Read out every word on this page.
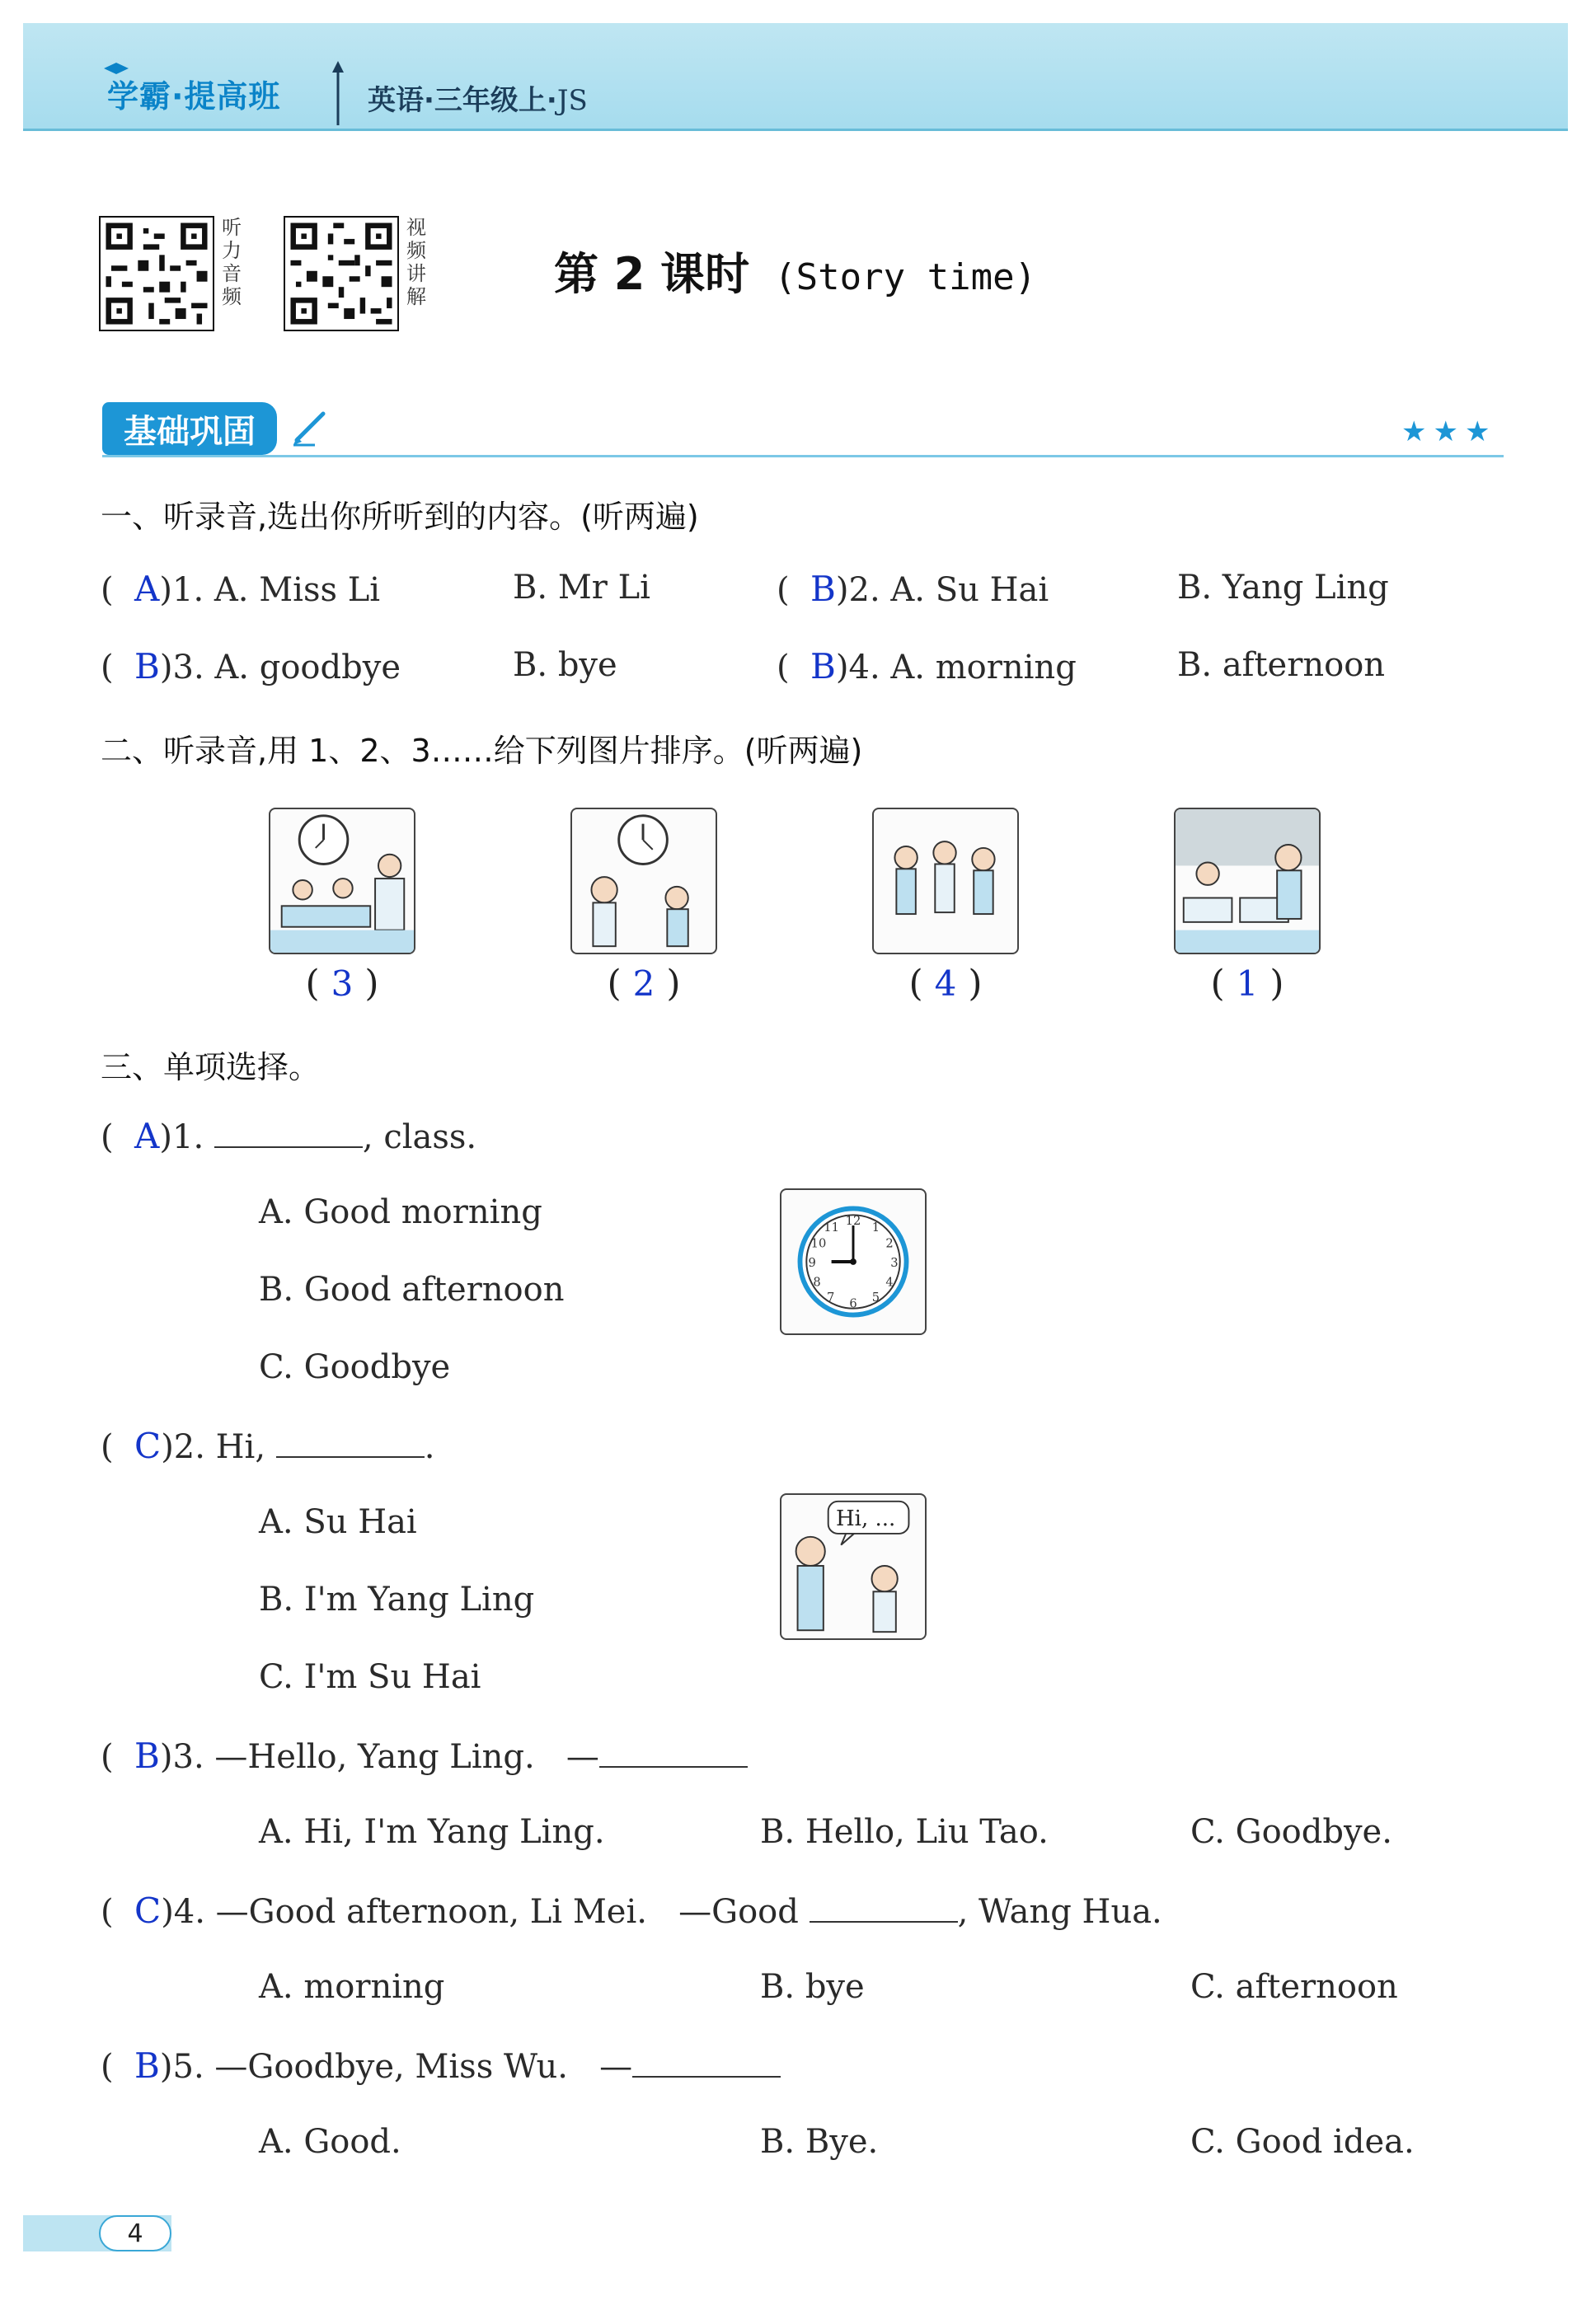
学霸·提高班	英语·三年级上·JS
听
力
音
频
视
频
讲
解	第 2 课时 (Story time)
基础巩固	★★★
一、听录音,选出你所听到的内容。(听两遍)
(  A)1. A. Miss Li	B. Mr Li	(  B)2. A. Su Hai	B. Yang Ling
(  B)3. A. goodbye	B. bye	(  B)4. A. morning	B. afternoon
二、听录音,用 1、2、3……给下列图片排序。(听两遍)
( 3 )	( 2 )	( 4 )	( 1 )
三、单项选择。
(  A)1.	, class.
A. Good morning
B. Good afternoon
C. Goodbye
12 1
2
3
4
5
6
7
8
9
10
11
(  C)2. Hi,	.
A. Su Hai
B. I'm Yang Ling
C. I'm Su Hai
Hi, ...
(  B)3. —Hello, Yang Ling. —
A. Hi, I'm Yang Ling.	B. Hello, Liu Tao.	C. Goodbye.
(  C)4. —Good afternoon, Li Mei. —Good	, Wang Hua.
A. morning	B. bye	C. afternoon
(  B)5. —Goodbye, Miss Wu. —
A. Good.	B. Bye.	C. Good idea.
4
